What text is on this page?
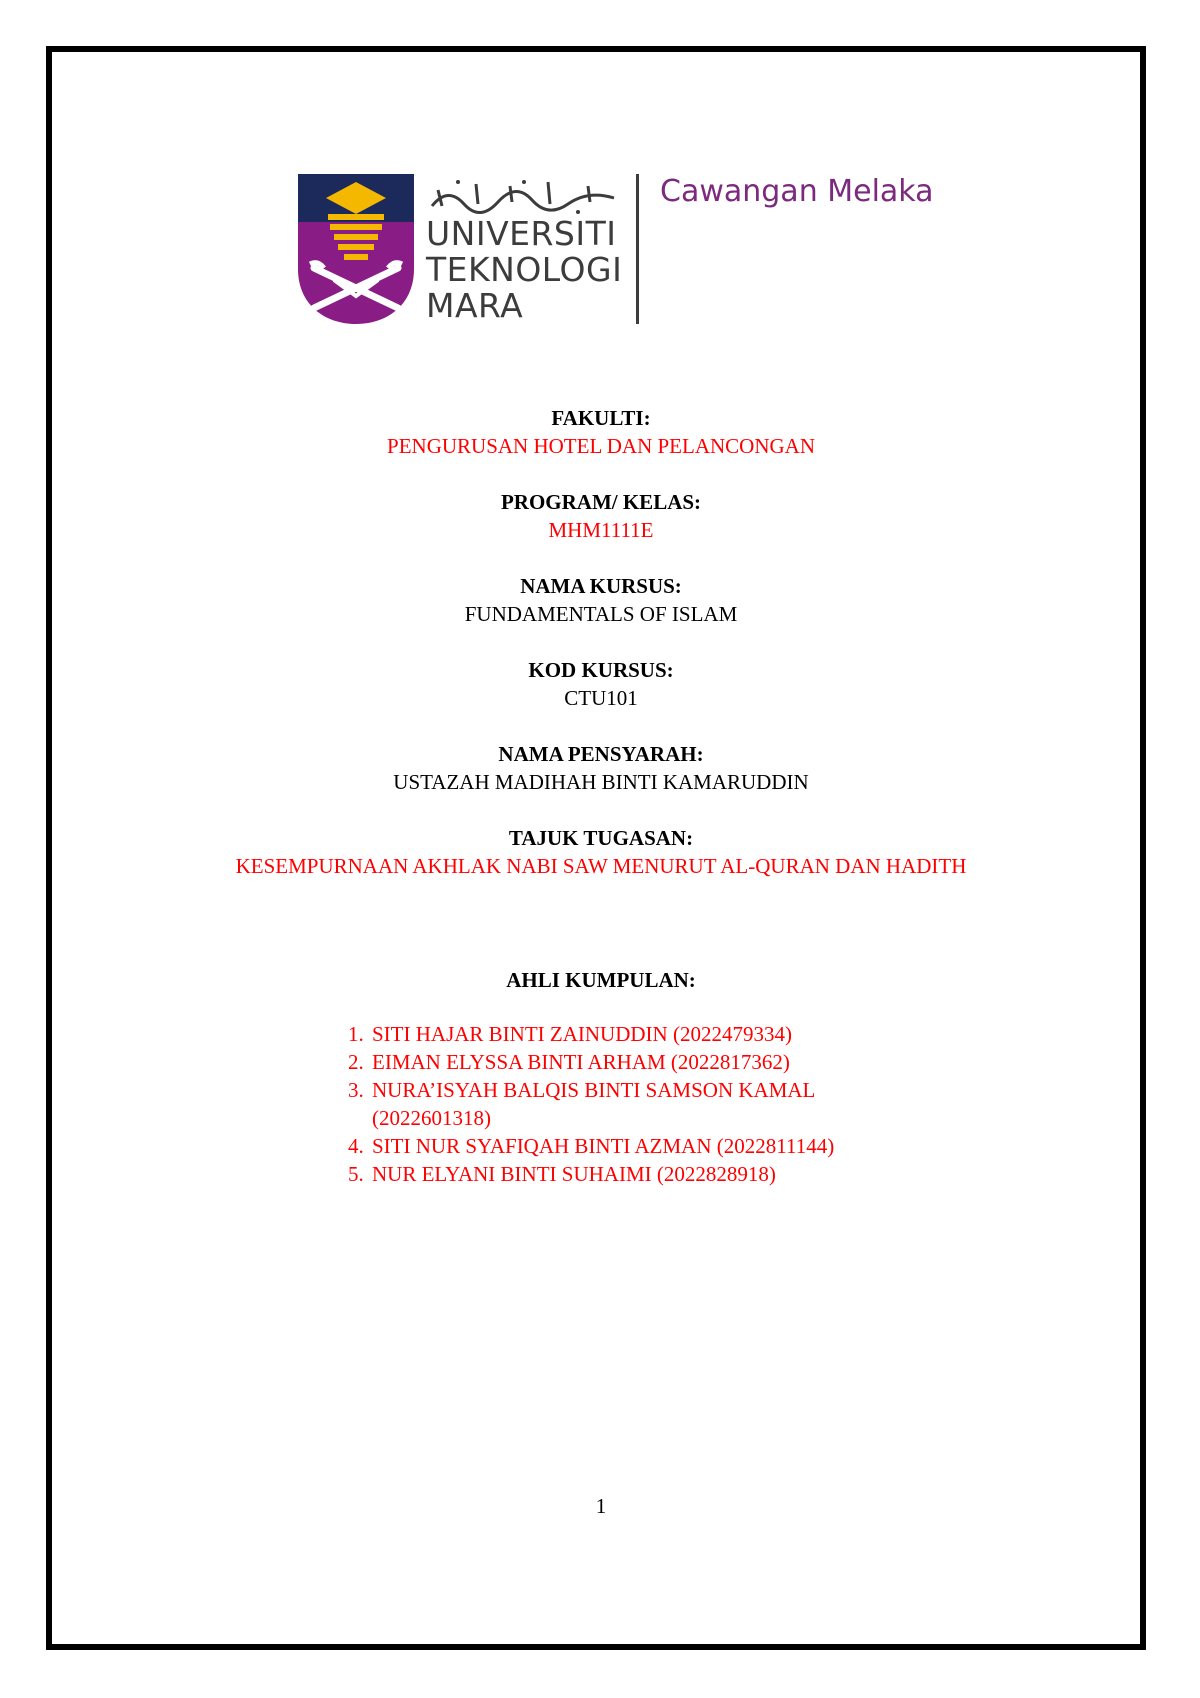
UNIVERSITI
TEKNOLOGI
MARA
Cawangan Melaka
FAKULTI:
PENGURUSAN HOTEL DAN PELANCONGAN
PROGRAM/ KELAS:
MHM1111E
NAMA KURSUS:
FUNDAMENTALS OF ISLAM
KOD KURSUS:
CTU101
NAMA PENSYARAH:
USTAZAH MADIHAH BINTI KAMARUDDIN
TAJUK TUGASAN:
KESEMPURNAAN AKHLAK NABI SAW MENURUT AL-QURAN DAN HADITH
AHLI KUMPULAN:
1. SITI HAJAR BINTI ZAINUDDIN (2022479334)
2. EIMAN ELYSSA BINTI ARHAM (2022817362)
3. NURA’ISYAH BALQIS BINTI SAMSON KAMAL
(2022601318)
4. SITI NUR SYAFIQAH BINTI AZMAN (2022811144)
5. NUR ELYANI BINTI SUHAIMI (2022828918)
1
